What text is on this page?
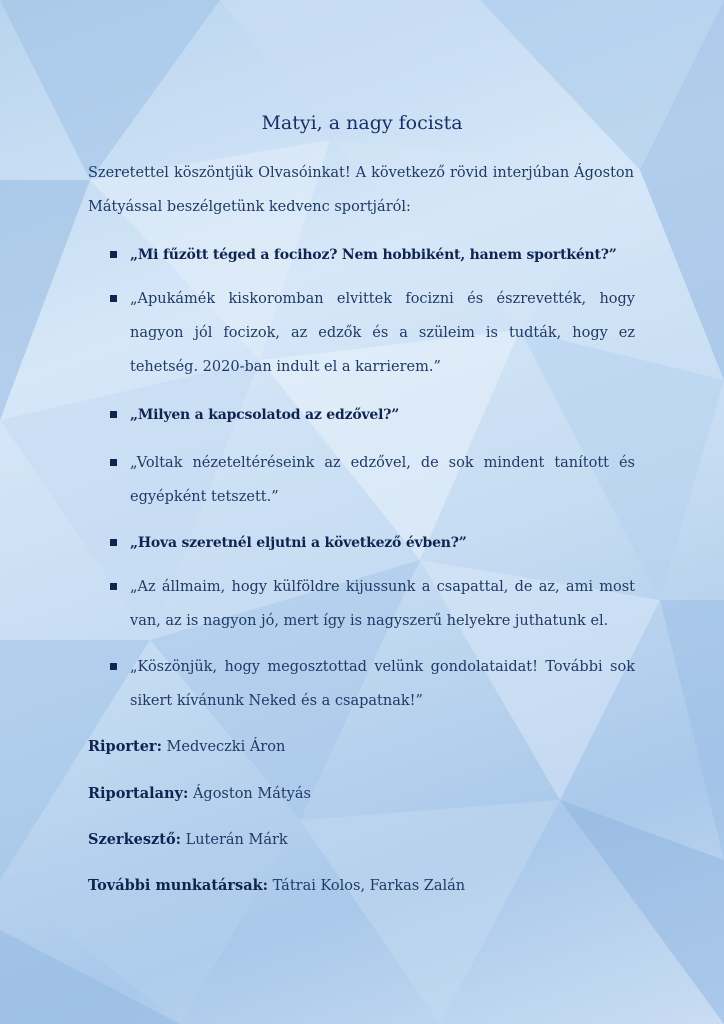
Matyi, a nagy focista
Szeretettel köszöntjük Olvasóinkat! A következő rövid interjúban Ágoston Mátyással beszélgetünk kedvenc sportjáról:
„Mi fűzött téged a focihoz? Nem hobbiként, hanem sportként?”
„Apukámék kiskoromban elvittek focizni és észrevették, hogy nagyon jól focizok, az edzők és a szüleim is tudták, hogy ez tehetség. 2020-ban indult el a karrierem.”
„Milyen a kapcsolatod az edzővel?”
„Voltak nézeteltéréseink az edzővel, de sok mindent tanított és egyépként tetszett.”
„Hova szeretnél eljutni a következő évben?”
„Az állmaim, hogy külföldre kijussunk a csapattal, de az, ami most van, az is nagyon jó, mert így is nagyszerű helyekre juthatunk el.
„Köszönjük, hogy megosztottad velünk gondolataidat! További sok sikert kívánunk Neked és a csapatnak!”
Riporter: Medveczki Áron
Riportalany: Ágoston Mátyás
Szerkesztő: Luterán Márk
További munkatársak: Tátrai Kolos, Farkas Zalán
